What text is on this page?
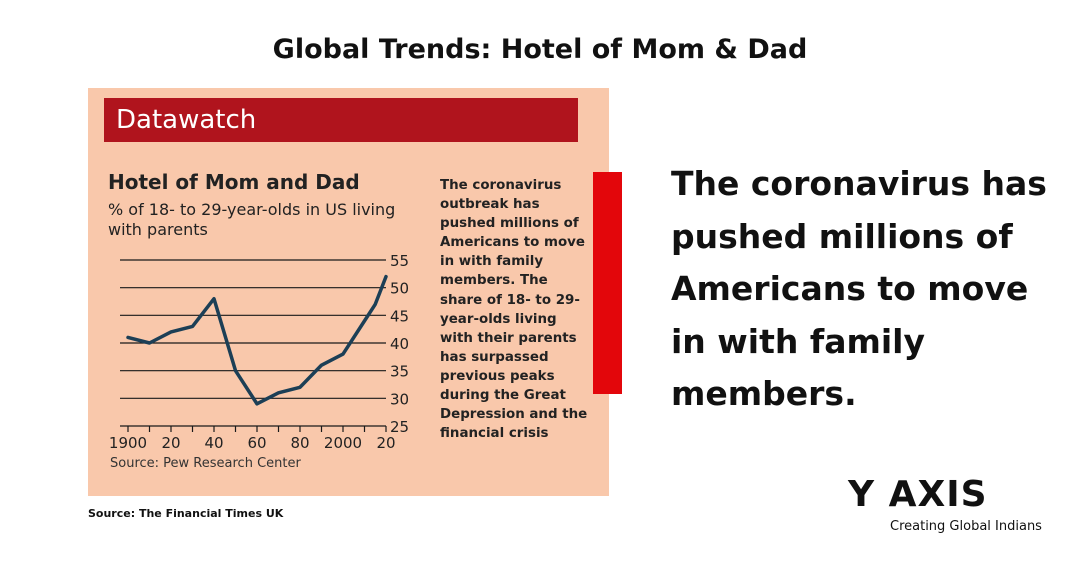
Global Trends: Hotel of Mom & Dad
Datawatch
Hotel of Mom and Dad
% of 18- to 29-year-olds in US living with parents
25
30
35
40
45
50
55
1900 20 40 60 80 2000 20
Source: Pew Research Center
The coronavirus outbreak has pushed millions of Americans to move in with family members. The share of 18- to 29-year-olds living with their parents has surpassed previous peaks during the Great Depression and the financial crisis
The coronavirus has pushed millions of Americans to move in with family members.
Source: The Financial Times UK	Y AXIS
Creating Global Indians
